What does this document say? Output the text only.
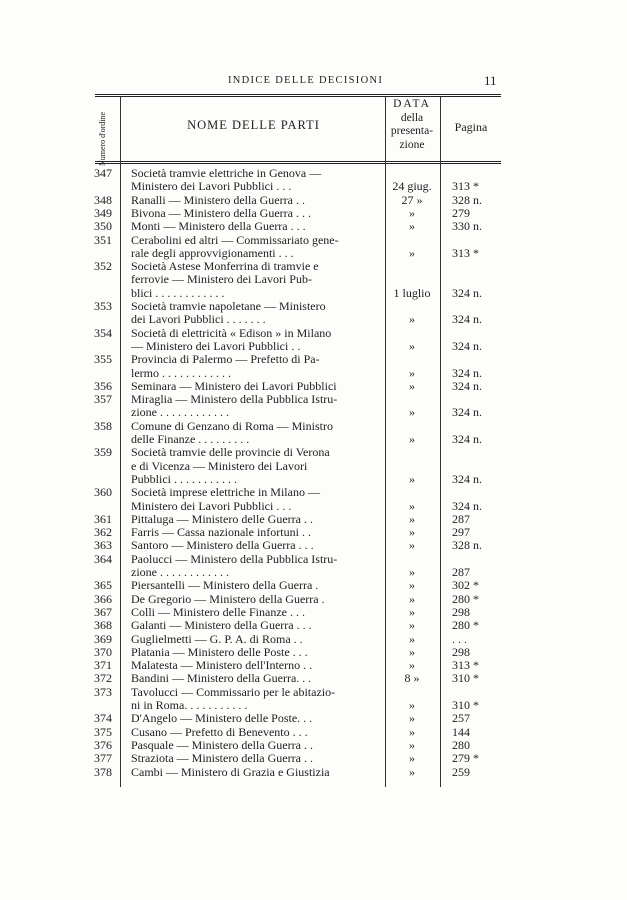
INDICE DELLE DECISIONI	11
Numero d'ordine	NOME DELLE PARTI
DATA
della
presenta-
zione
Pagina
347	Società tramvie elettriche in Genova —
Ministero dei Lavori Pubblici . . .	24 giug.	313 *
348	Ranalli — Ministero della Guerra . .	27 »	328 n.
349	Bivona — Ministero della Guerra . . .	»	279
350	Monti — Ministero della Guerra . . .	»	330 n.
351	Cerabolini ed altri — Commissariato gene-
rale degli approvvigionamenti . . .	»	313 *
352	Società Astese Monferrina di tramvie e
ferrovie — Ministero dei Lavori Pub-
blici . . . . . . . . . . . .	1 luglio	324 n.
353	Società tramvie napoletane — Ministero
dei Lavori Pubblici . . . . . . .	»	324 n.
354	Società di elettricità « Edison » in Milano
— Ministero dei Lavori Pubblici . .	»	324 n.
355	Provincia di Palermo — Prefetto di Pa-
lermo . . . . . . . . . . . .	»	324 n.
356	Seminara — Ministero dei Lavori Pubblici	»	324 n.
357	Miraglia — Ministero della Pubblica Istru-
zione . . . . . . . . . . . .	»	324 n.
358	Comune di Genzano di Roma — Ministro
delle Finanze . . . . . . . . .	»	324 n.
359	Società tramvie delle provincie di Verona
e di Vicenza — Ministero dei Lavori
Pubblici . . . . . . . . . . .	»	324 n.
360	Società imprese elettriche in Milano —
Ministero dei Lavori Pubblici . . .	»	324 n.
361	Pittaluga — Ministero delle Guerra . .	»	287
362	Farris — Cassa nazionale infortuni . .	»	297
363	Santoro — Ministero della Guerra . . .	»	328 n.
364	Paolucci — Ministero della Pubblica Istru-
zione . . . . . . . . . . . .	»	287
365	Piersantelli — Ministero della Guerra .	»	302 *
366	De Gregorio — Ministero della Guerra .	»	280 *
367	Colli — Ministero delle Finanze . . .	»	298
368	Galanti — Ministero della Guerra . . .	»	280 *
369	Guglielmetti — G. P. A. di Roma . .	»	. . .
370	Platania — Ministero delle Poste . . .	»	298
371	Malatesta — Ministero dell'Interno . .	»	313 *
372	Bandini — Ministero della Guerra. . .	8 »	310 *
373	Tavolucci — Commissario per le abitazio-
ni in Roma. . . . . . . . . . .	»	310 *
374	D'Angelo — Ministero delle Poste. . .	»	257
375	Cusano — Prefetto di Benevento . . .	»	144
376	Pasquale — Ministero della Guerra . .	»	280
377	Straziota — Ministero della Guerra . .	»	279 *
378	Cambi — Ministero di Grazia e Giustizia	»	259
